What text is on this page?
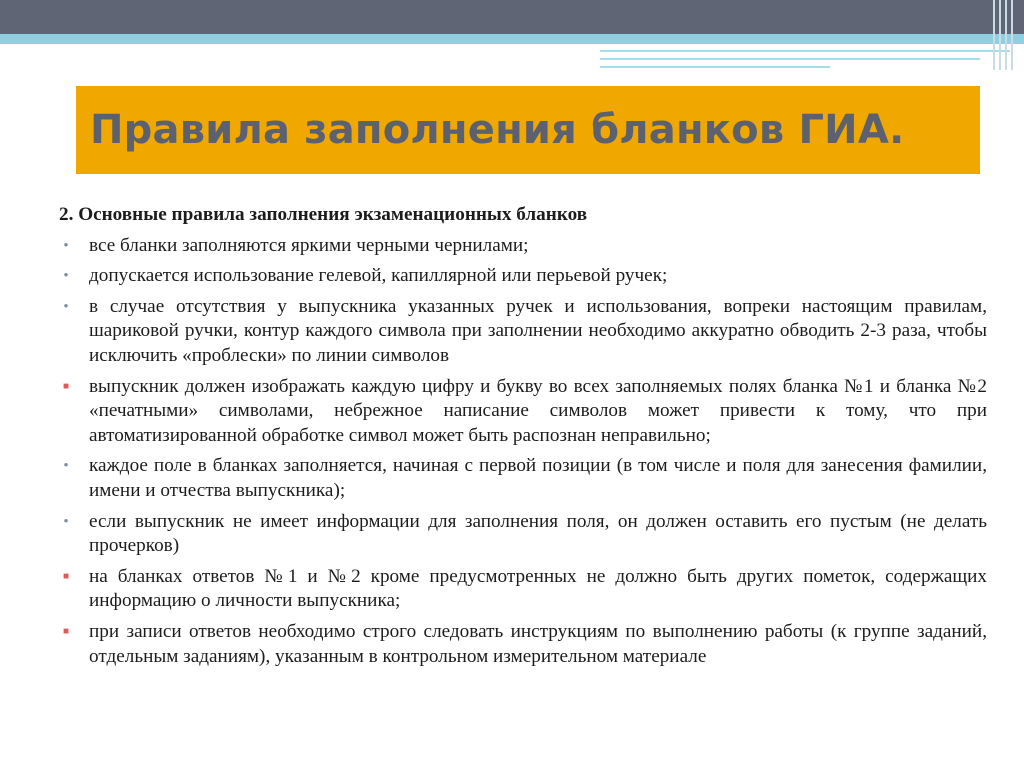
Правила заполнения бланков ГИА.
2. Основные правила заполнения экзаменационных бланков
• все бланки заполняются яркими черными чернилами;
• допускается использование гелевой, капиллярной или перьевой ручек;
• в случае отсутствия у выпускника указанных ручек и использования, вопреки настоящим правилам, шариковой ручки, контур каждого символа при заполнении необходимо аккуратно обводить 2-3 раза, чтобы исключить «проблески» по линии символов
■ выпускник должен изображать каждую цифру и букву во всех заполняемых полях бланка №1 и бланка №2 «печатными» символами, небрежное написание символов может привести к тому, что при автоматизированной обработке символ может быть распознан неправильно;
• каждое поле в бланках заполняется, начиная с первой позиции (в том числе и поля для занесения фамилии, имени и отчества выпускника);
• если выпускник не имеет информации для заполнения поля, он должен оставить его пустым (не делать прочерков)
■ на бланках ответов №1 и №2 кроме предусмотренных не должно быть других пометок, содержащих информацию о личности выпускника;
■ при записи ответов необходимо строго следовать инструкциям по выполнению работы (к группе заданий, отдельным заданиям), указанным в контрольном измерительном материале
